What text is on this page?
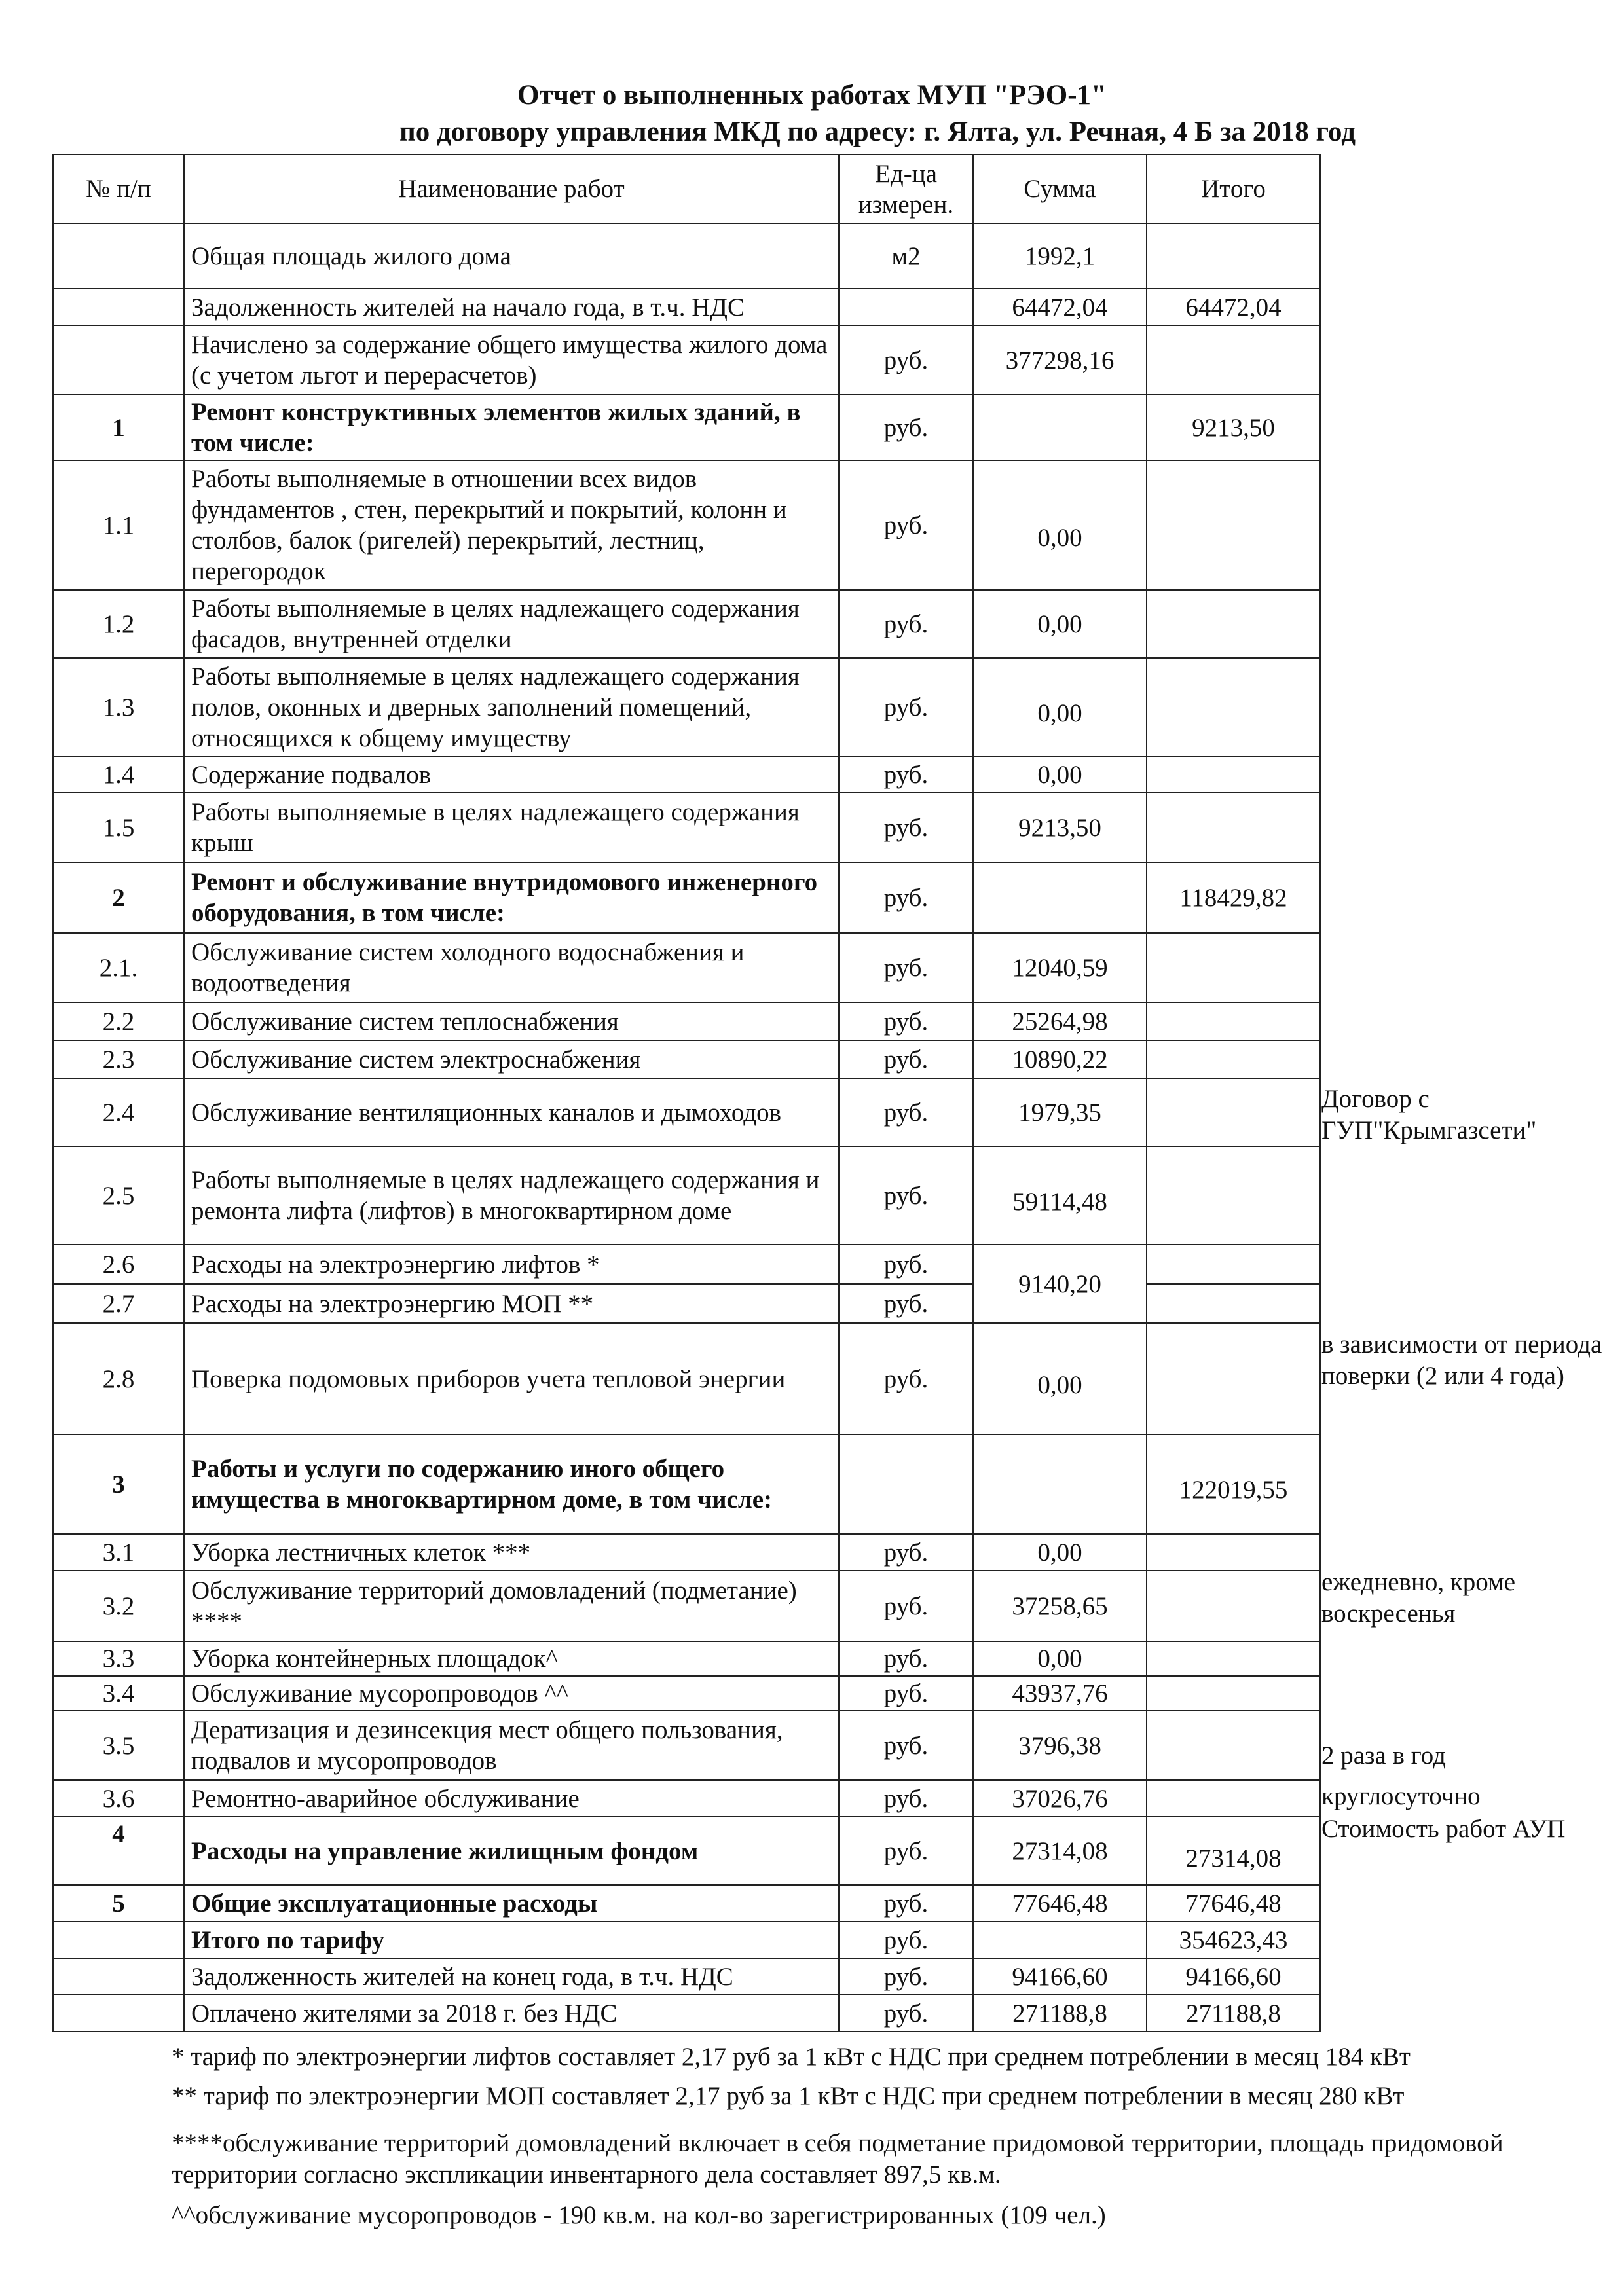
Отчет о выполненных работах МУП "РЭО-1"
по договору управления МКД по адресу: г. Ялта, ул. Речная, 4 Б за 2018 год
№ п/п	Наименование работ	Ед-ца измерен.	Сумма	Итого
	Общая площадь жилого дома	м2	1992,1	
	Задолженность жителей на начало года, в т.ч. НДС		64472,04	64472,04
	Начислено за содержание общего имущества жилого дома (с учетом льгот и перерасчетов)	руб.	377298,16	
1	Ремонт конструктивных элементов жилых зданий, в том числе:	руб.		9213,50
1.1	Работы выполняемые в отношении всех видов фундаментов , стен, перекрытий и покрытий, колонн и столбов, балок (ригелей) перекрытий, лестниц, перегородок	руб.	0,00	
1.2	Работы выполняемые в целях надлежащего содержания фасадов, внутренней отделки	руб.	0,00	
1.3	Работы выполняемые в целях надлежащего содержания полов, оконных и дверных заполнений помещений, относящихся к общему имуществу	руб.	0,00	
1.4	Содержание подвалов	руб.	0,00	
1.5	Работы выполняемые в целях надлежащего содержания крыш	руб.	9213,50	
2	Ремонт и обслуживание внутридомового инженерного оборудования, в том числе:	руб.		118429,82
2.1.	Обслуживание систем холодного водоснабжения и водоотведения	руб.	12040,59	
2.2	Обслуживание систем теплоснабжения	руб.	25264,98	
2.3	Обслуживание систем электроснабжения	руб.	10890,22	
2.4	Обслуживание вентиляционных каналов и дымоходов	руб.	1979,35	
2.5	Работы выполняемые в целях надлежащего содержания и ремонта лифта (лифтов) в многоквартирном доме	руб.	59114,48	
2.6	Расходы на электроэнергию лифтов *	руб.	9140,20	
2.7	Расходы на электроэнергию МОП **	руб.		
2.8	Поверка подомовых приборов учета тепловой энергии	руб.	0,00	
3	Работы и услуги по содержанию иного общего имущества в многоквартирном доме, в том числе:			122019,55
3.1	Уборка лестничных клеток ***	руб.	0,00	
3.2	Обслуживание территорий домовладений (подметание) ****	руб.	37258,65	
3.3	Уборка контейнерных площадок^	руб.	0,00	
3.4	Обслуживание мусоропроводов ^^	руб.	43937,76	
3.5	Дератизация и дезинсекция мест общего пользования, подвалов и мусоропроводов	руб.	3796,38	
3.6	Ремонтно-аварийное обслуживание	руб.	37026,76	
4	Расходы на управление жилищным фондом	руб.	27314,08	27314,08
5	Общие эксплуатационные расходы	руб.	77646,48	77646,48
	Итого по тарифу	руб.		354623,43
	Задолженность жителей на конец года, в т.ч. НДС	руб.	94166,60	94166,60
	Оплачено жителями за 2018 г. без НДС	руб.	271188,8	271188,8
Договор с ГУП"Крымгазсети"
в зависимости от периода поверки (2 или 4 года)
ежедневно, кроме воскресенья
2 раза в год
круглосуточно
Стоимость работ АУП
* тариф по электроэнергии лифтов составляет 2,17 руб за 1 кВт с НДС при среднем потреблении в месяц 184 кВт
** тариф по электроэнергии МОП составляет 2,17 руб за 1 кВт с НДС при среднем потреблении в месяц 280 кВт
****обслуживание территорий домовладений включает в себя подметание придомовой территории, площадь придомовой территории согласно экспликации инвентарного дела составляет 897,5 кв.м.
^^обслуживание мусоропроводов - 190 кв.м. на кол-во зарегистрированных (109 чел.)
